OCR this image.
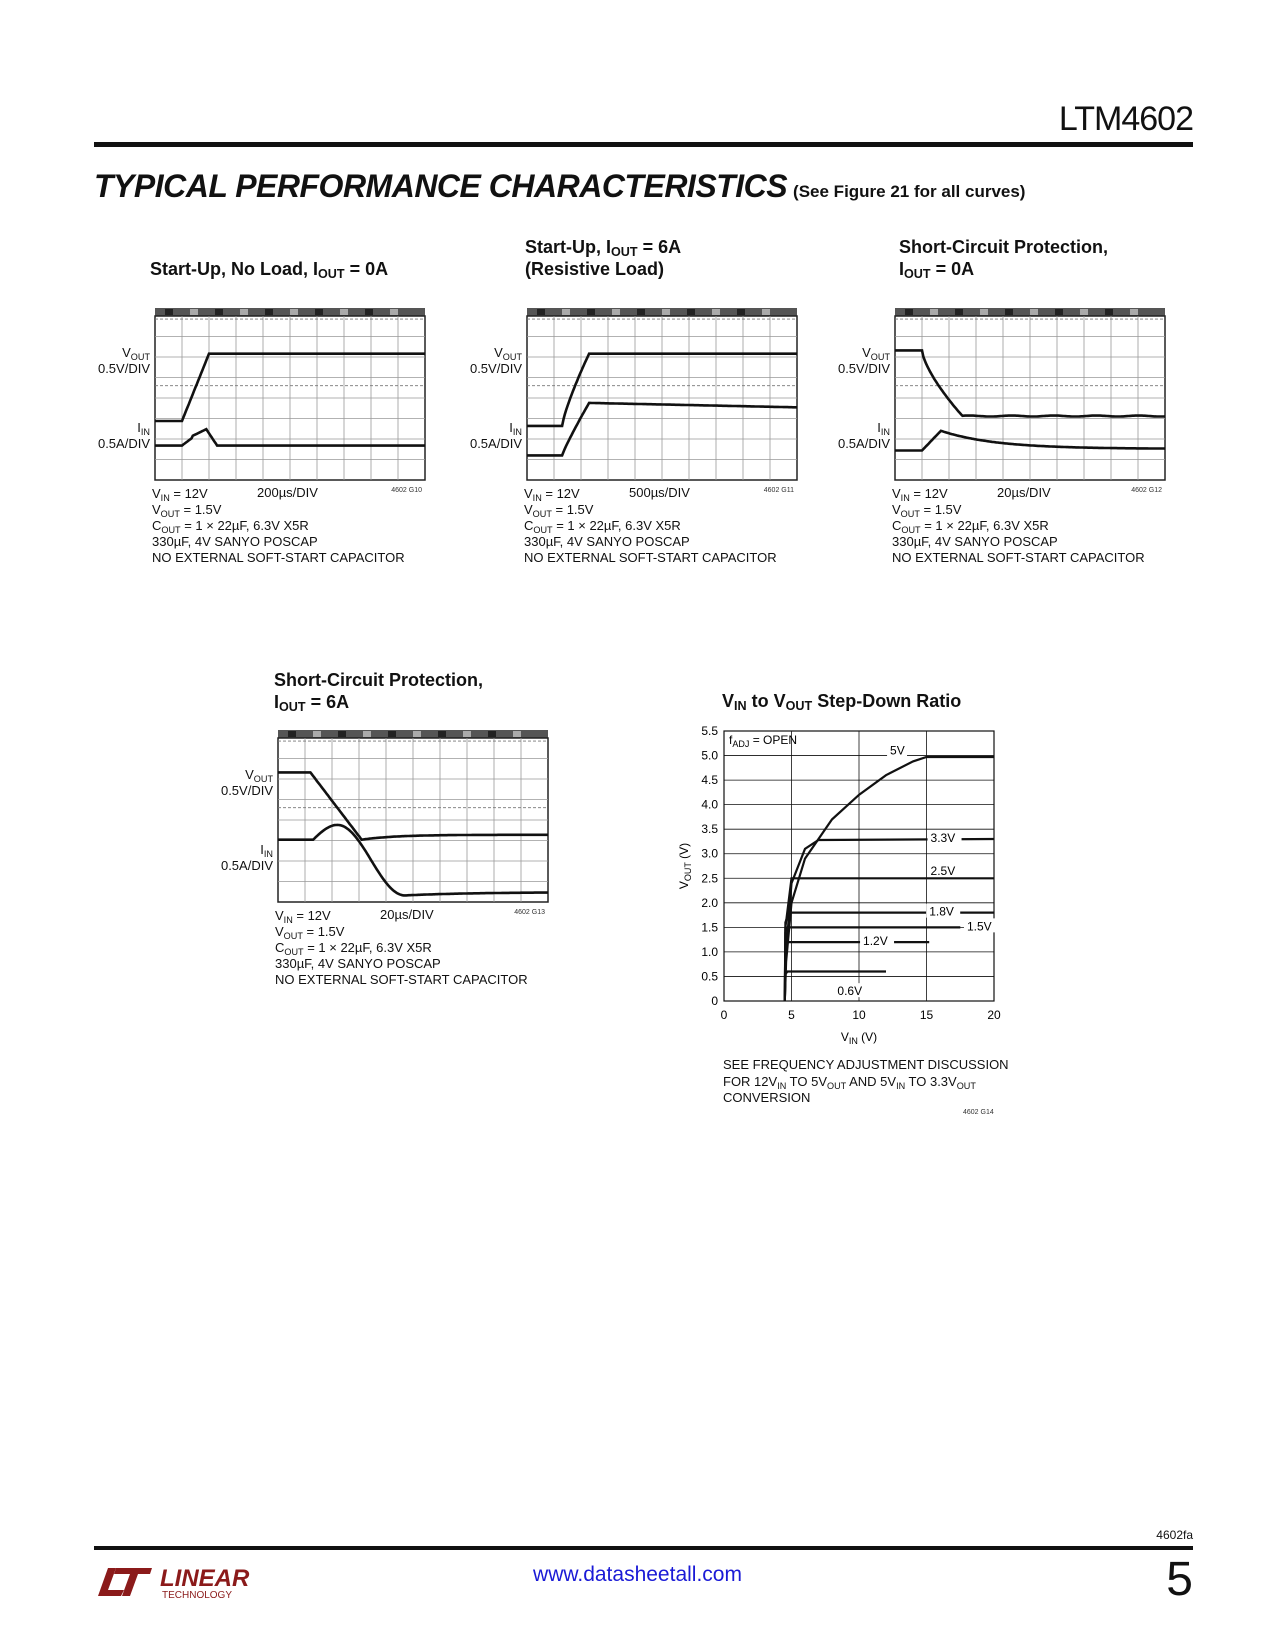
LTM4602
TYPICAL PERFORMANCE CHARACTERISTICS (See Figure 21 for all curves)
Start-Up, No Load, $I_{OUT} = 0A$
Start-Up, $I_{OUT} = 6A$
(Resistive Load)
Short-Circuit Protection,
$I_{OUT} = 0A$
Short-Circuit Protection,
$I_{OUT} = 6A$
$V_{OUT}$
0.5V/DIV
$I_{IN}$
0.5A/DIV
$V_{IN} = 12V$	200µs/DIV	4602 G10
$V_{OUT} = 1.5V$
$C_{OUT} = 1 \times 22\mu F$, 6.3V X5R
330µF, 4V SANYO POSCAP
NO EXTERNAL SOFT-START CAPACITOR
$V_{OUT}$
0.5V/DIV
$I_{IN}$
0.5A/DIV
$V_{IN} = 12V$	500µs/DIV	4602 G11
$V_{OUT} = 1.5V$
$C_{OUT} = 1 \times 22\mu F$, 6.3V X5R
330µF, 4V SANYO POSCAP
NO EXTERNAL SOFT-START CAPACITOR
$V_{OUT}$
0.5V/DIV
$I_{IN}$
0.5A/DIV
$V_{IN} = 12V$	20µs/DIV	4602 G12
$V_{OUT} = 1.5V$
$C_{OUT} = 1 \times 22\mu F$, 6.3V X5R
330µF, 4V SANYO POSCAP
NO EXTERNAL SOFT-START CAPACITOR
$V_{OUT}$
0.5V/DIV
$I_{IN}$
0.5A/DIV
$V_{IN} = 12V$	20µs/DIV	4602 G13
$V_{OUT} = 1.5V$
$C_{OUT} = 1 \times 22\mu F$, 6.3V X5R
330µF, 4V SANYO POSCAP
NO EXTERNAL SOFT-START CAPACITOR
$V_{IN}$ to $V_{OUT}$ Step-Down Ratio
0
0.5
1.0
1.5
2.0
2.5
3.0
3.5
4.0
4.5
5.0
5.5
0	5	10	15	20
5V
3.3V
2.5V
1.8V
1.5V
1.2V
0.6V
$f_{ADJ}$ = OPEN
$V_{IN}$ (V)
$V_{OUT}$ (V)
SEE FREQUENCY ADJUSTMENT DISCUSSION
FOR $12V_{IN}$ TO $5V_{OUT}$ AND $5V_{IN}$ TO $3.3V_{OUT}$
CONVERSION
4602 G14
4602fa
LINEAR
TECHNOLOGY
www.datasheetall.com	5
